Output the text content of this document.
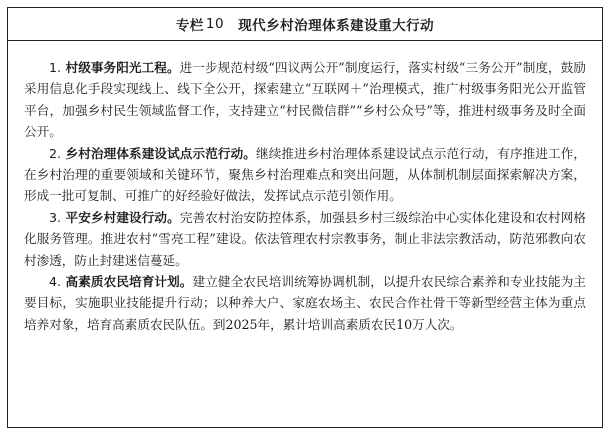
专栏 10 现代乡村治理体系建设重大行动

1. 村级事务阳光工程。进一步规范村级“四议两公开”制度运行，落实村级“三务公开”制度，鼓励采用信息化手段实现线上、线下全公开，探索建立“互联网＋”治理模式，推广村级事务阳光公开监管平台，加强乡村民生领域监督工作，支持建立“村民微信群”“乡村公众号”等，推进村级事务及时全面公开。

2. 乡村治理体系建设试点示范行动。继续推进乡村治理体系建设试点示范行动，有序推进工作，在乡村治理的重要领域和关键环节，聚焦乡村治理难点和突出问题，从体制机制层面探索解决方案，形成一批可复制、可推广的好经验好做法，发挥试点示范引领作用。

3. 平安乡村建设行动。完善农村治安防控体系，加强县乡村三级综治中心实体化建设和农村网格化服务管理。推进农村“雪亮工程”建设。依法管理农村宗教事务，制止非法宗教活动，防范邪教向农村渗透，防止封建迷信蔓延。

4. 高素质农民培育计划。建立健全农民培训统筹协调机制，以提升农民综合素养和专业技能为主要目标，实施职业技能提升行动；以种养大户、家庭农场主、农民合作社骨干等新型经营主体为重点培养对象，培育高素质农民队伍。到2025年，累计培训高素质农民10万人次。
